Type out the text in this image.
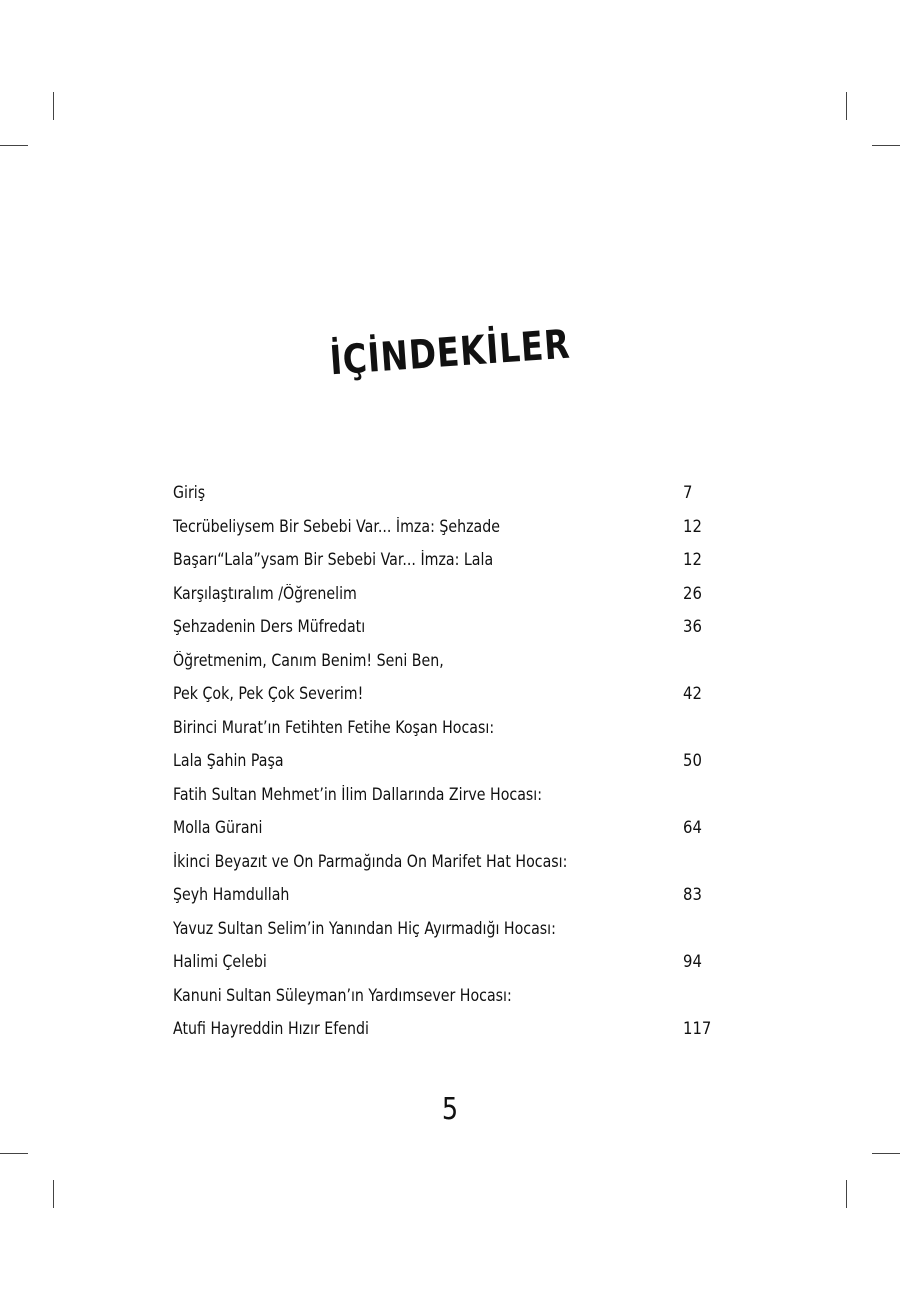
İÇİNDEKİLER
Giriş	7
Tecrübeliysem Bir Sebebi Var... İmza: Şehzade	12
Başarı“Lala”ysam Bir Sebebi Var... İmza: Lala	12
Karşılaştıralım /Öğrenelim	26
Şehzadenin Ders Müfredatı	36
Öğretmenim, Canım Benim! Seni Ben,
Pek Çok, Pek Çok Severim!	42
Birinci Murat’ın Fetihten Fetihe Koşan Hocası:
Lala Şahin Paşa	50
Fatih Sultan Mehmet’in İlim Dallarında Zirve Hocası:
Molla Gürani	64
İkinci Beyazıt ve On Parmağında On Marifet Hat Hocası:
Şeyh Hamdullah	83
Yavuz Sultan Selim’in Yanından Hiç Ayırmadığı Hocası:
Halimi Çelebi	94
Kanuni Sultan Süleyman’ın Yardımsever Hocası:
Atufi Hayreddin Hızır Efendi	117
5
